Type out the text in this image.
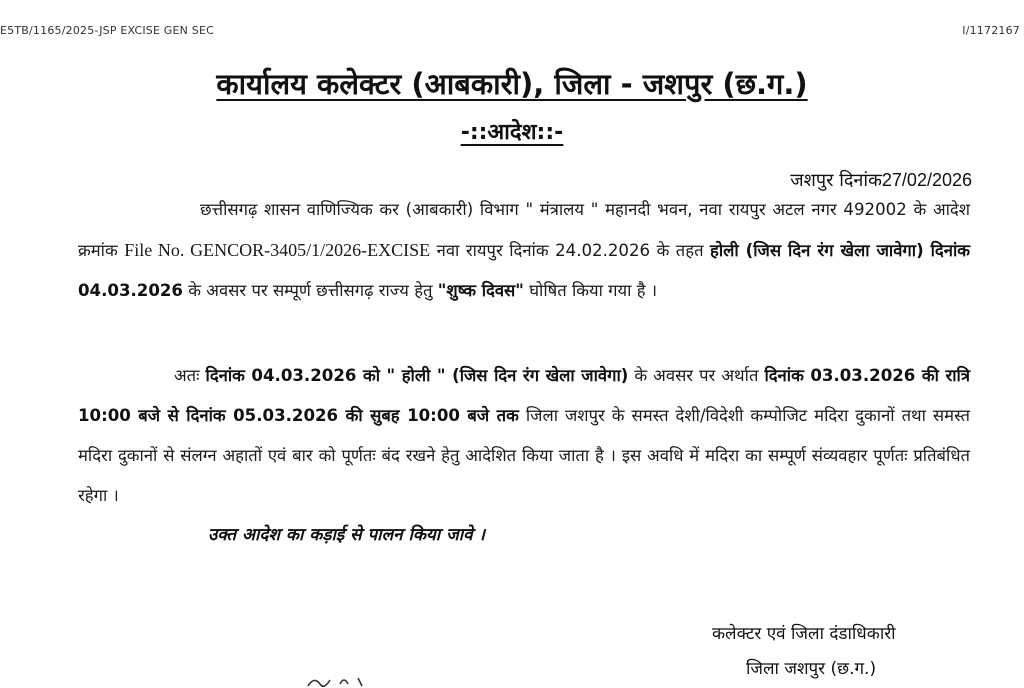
E5TB/1165/2025-JSP EXCISE GEN SEC	I/1172167
कार्यालय कलेक्टर (आबकारी), जिला - जशपुर (छ.ग.)
-::आदेश::-
जशपुर दिनांक27/02/2026

छत्तीसगढ़ शासन वाणिज्यिक कर (आबकारी) विभाग " मंत्रालय " महानदी भवन, नवा रायपुर अटल नगर 492002 के आदेश क्रमांक File No. GENCOR-3405/1/2026-EXCISE नवा रायपुर दिनांक 24.02.2026 के तहत होली (जिस दिन रंग खेला जावेगा) दिनांक 04.03.2026 के अवसर पर सम्पूर्ण छत्तीसगढ़ राज्य हेतु "शुष्क दिवस" घोषित किया गया है ।

अतः दिनांक 04.03.2026 को " होली " (जिस दिन रंग खेला जावेगा) के अवसर पर अर्थात दिनांक 03.03.2026 की रात्रि 10:00 बजे से दिनांक 05.03.2026 की सुबह 10:00 बजे तक जिला जशपुर के समस्त देशी/विदेशी कम्पोजिट मदिरा दुकानों तथा समस्त मदिरा दुकानों से संलग्न अहातों एवं बार को पूर्णतः बंद रखने हेतु आदेशित किया जाता है । इस अवधि में मदिरा का सम्पूर्ण संव्यवहार पूर्णतः प्रतिबंधित रहेगा ।

उक्त आदेश का कड़ाई से पालन किया जावे ।
कलेक्टर एवं जिला दंडाधिकारी
जिला जशपुर (छ.ग.)
